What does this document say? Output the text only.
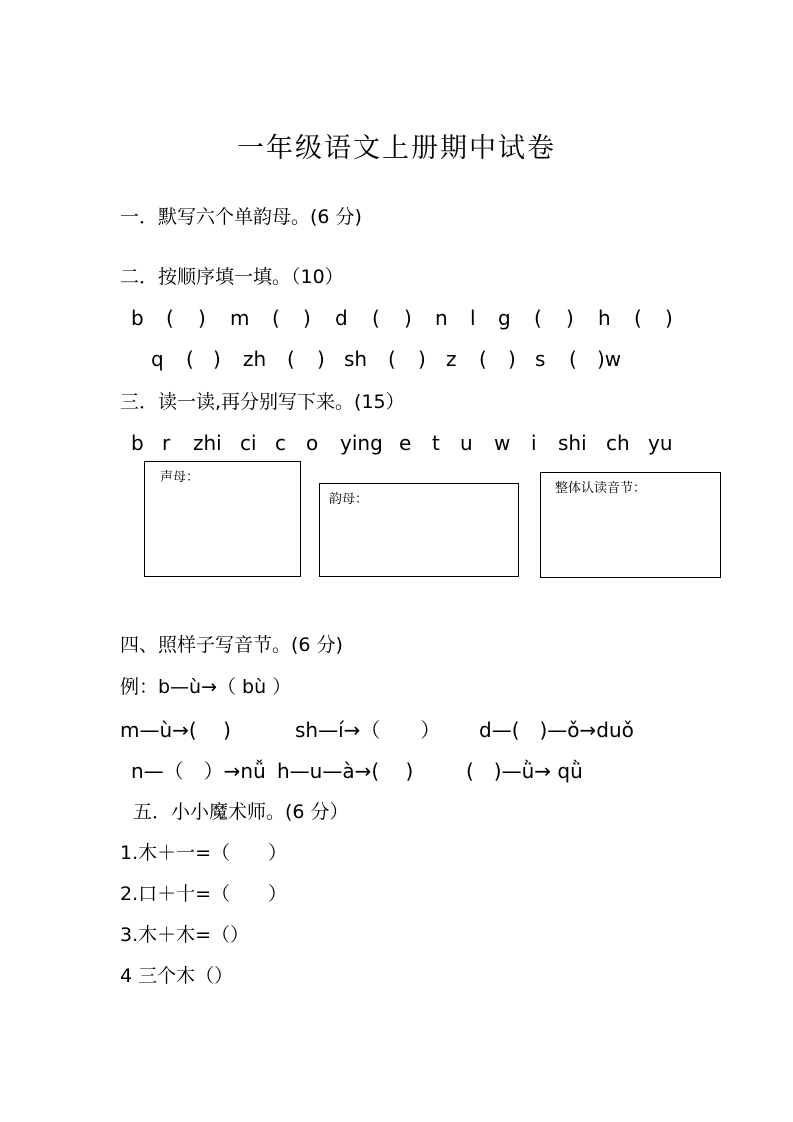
一年级语文上册期中试卷
一．默写六个单韵母。(6 分)
二．按顺序填一填。（10）
b ( ) m ( ) d ( ) n l g ( ) h ( )
q ( ) zh ( ) sh ( ) z ( ) s ( )w
三．读一读,再分别写下来。(15）
b r zhi ci c o ying e t u w i shi ch yu
声母：
韵母：
整体认读音节：
四、照样子写音节。(6 分)
例：b—ù→（ bù ）
m—ù→(　 )	sh—í→（　　） d—(　)—ǒ→duǒ
n—（　）→nǚ h—u—à→(　 )	(　)—ǜ→ qǜ
五．小小魔术师。(6 分）
1.木＋一=（　　）
2.口＋十=（　　）
3.木＋木=（）
4 三个木（）
